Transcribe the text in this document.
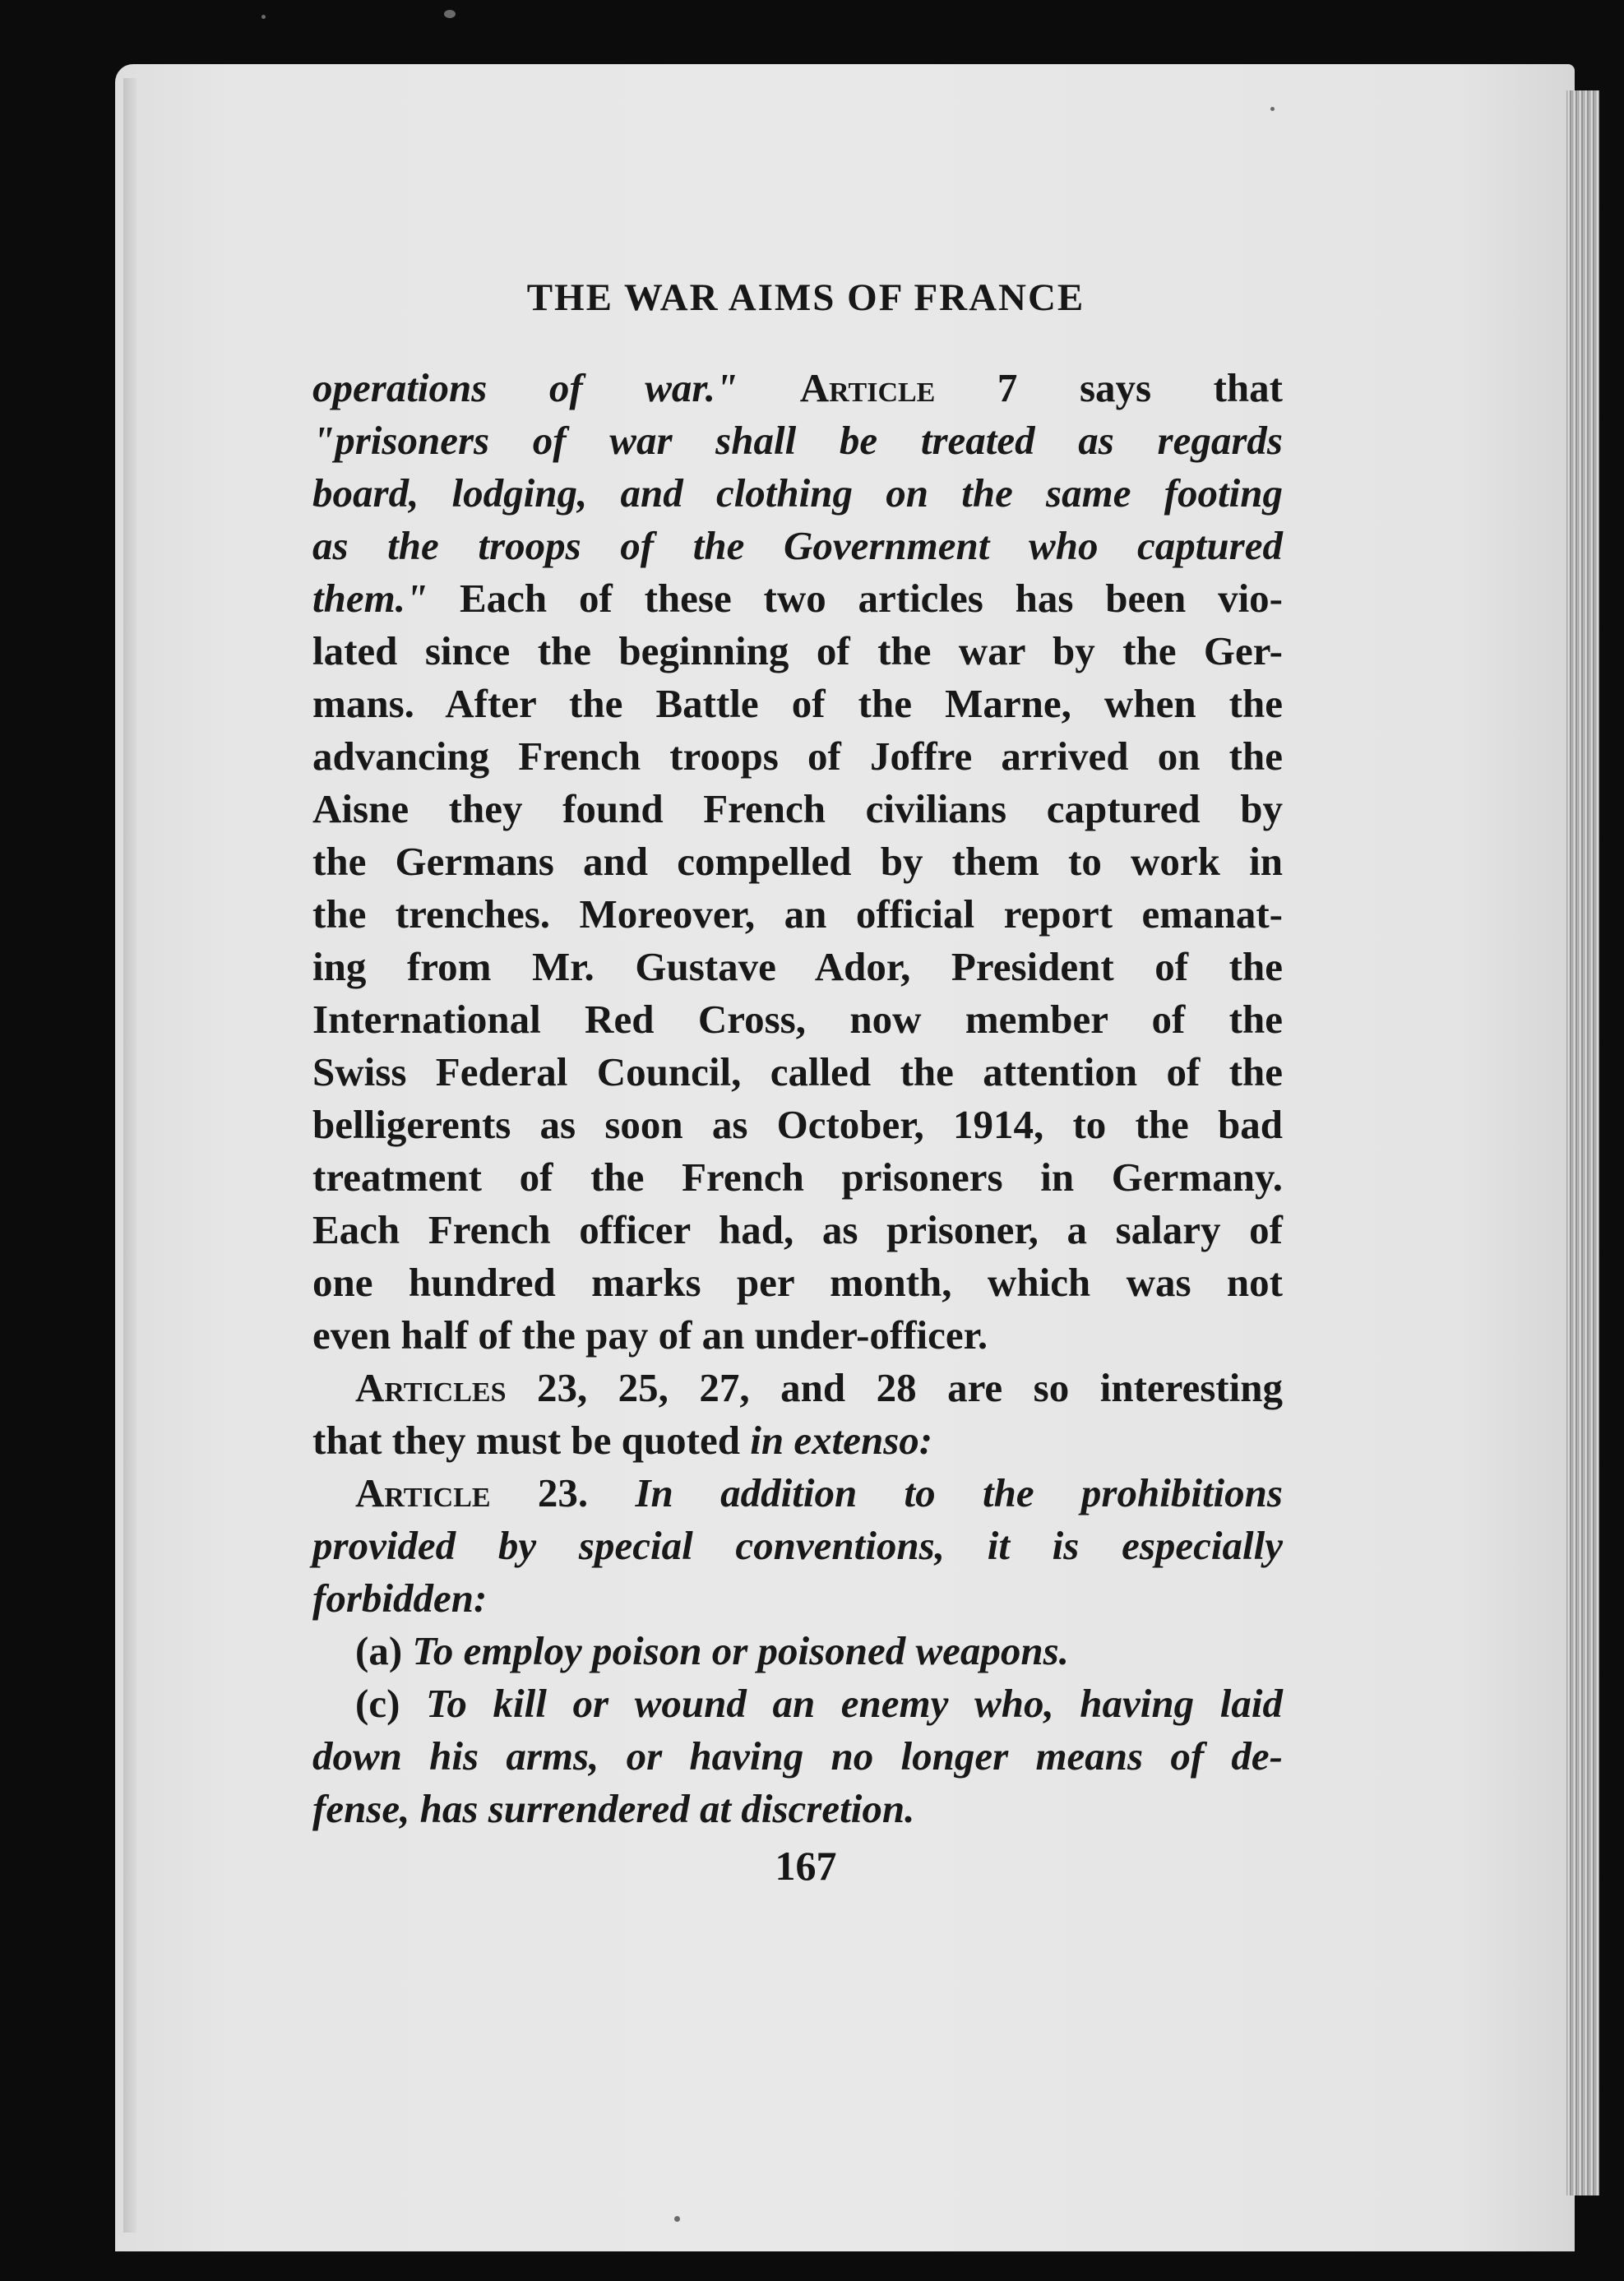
THE WAR AIMS OF FRANCE
operations of war." Article 7 says that
"prisoners of war shall be treated as regards
board, lodging, and clothing on the same footing
as the troops of the Government who captured
them." Each of these two articles has been vio-
lated since the beginning of the war by the Ger-
mans. After the Battle of the Marne, when the
advancing French troops of Joffre arrived on the
Aisne they found French civilians captured by
the Germans and compelled by them to work in
the trenches. Moreover, an official report emanat-
ing from Mr. Gustave Ador, President of the
International Red Cross, now member of the
Swiss Federal Council, called the attention of the
belligerents as soon as October, 1914, to the bad
treatment of the French prisoners in Germany.
Each French officer had, as prisoner, a salary of
one hundred marks per month, which was not
even half of the pay of an under-officer.
Articles 23, 25, 27, and 28 are so interesting
that they must be quoted in extenso:
Article 23. In addition to the prohibitions
provided by special conventions, it is especially
forbidden:
(a) To employ poison or poisoned weapons.
(c) To kill or wound an enemy who, having laid
down his arms, or having no longer means of de-
fense, has surrendered at discretion.
167
